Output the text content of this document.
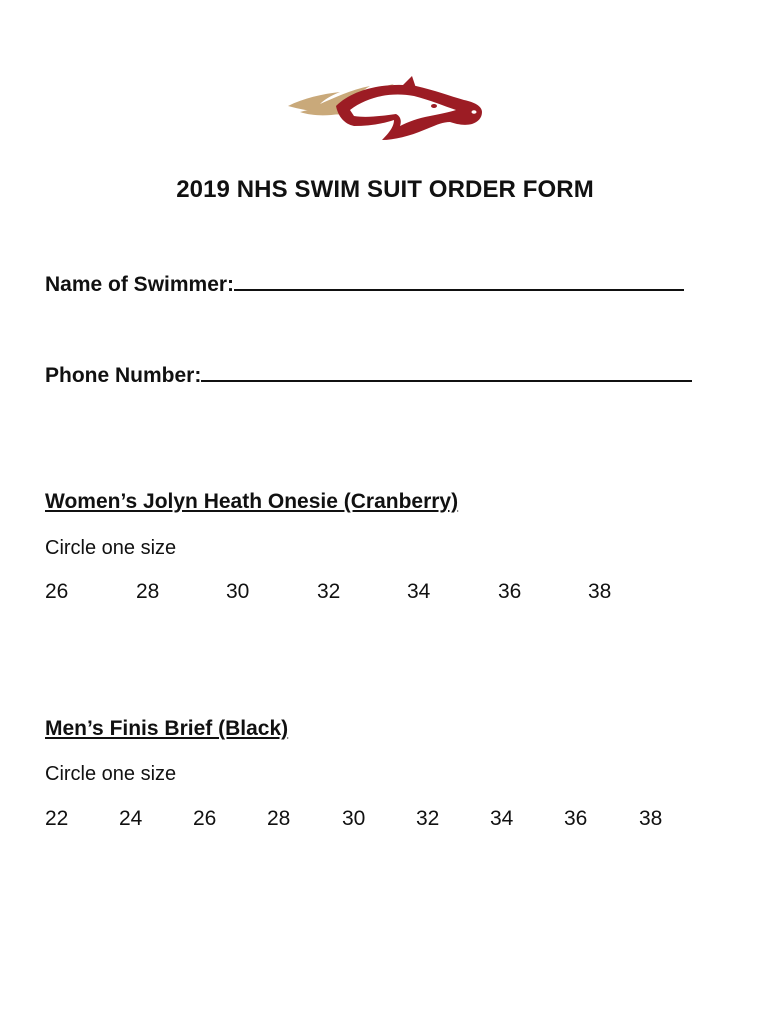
2019 NHS SWIM SUIT ORDER FORM
Name of Swimmer:
Phone Number:
Women’s Jolyn Heath Onesie (Cranberry)
Circle one size
26	28	30	32	34	36	38
Men’s Finis Brief (Black)
Circle one size
22 24 26 28 30 32 34 36 38
